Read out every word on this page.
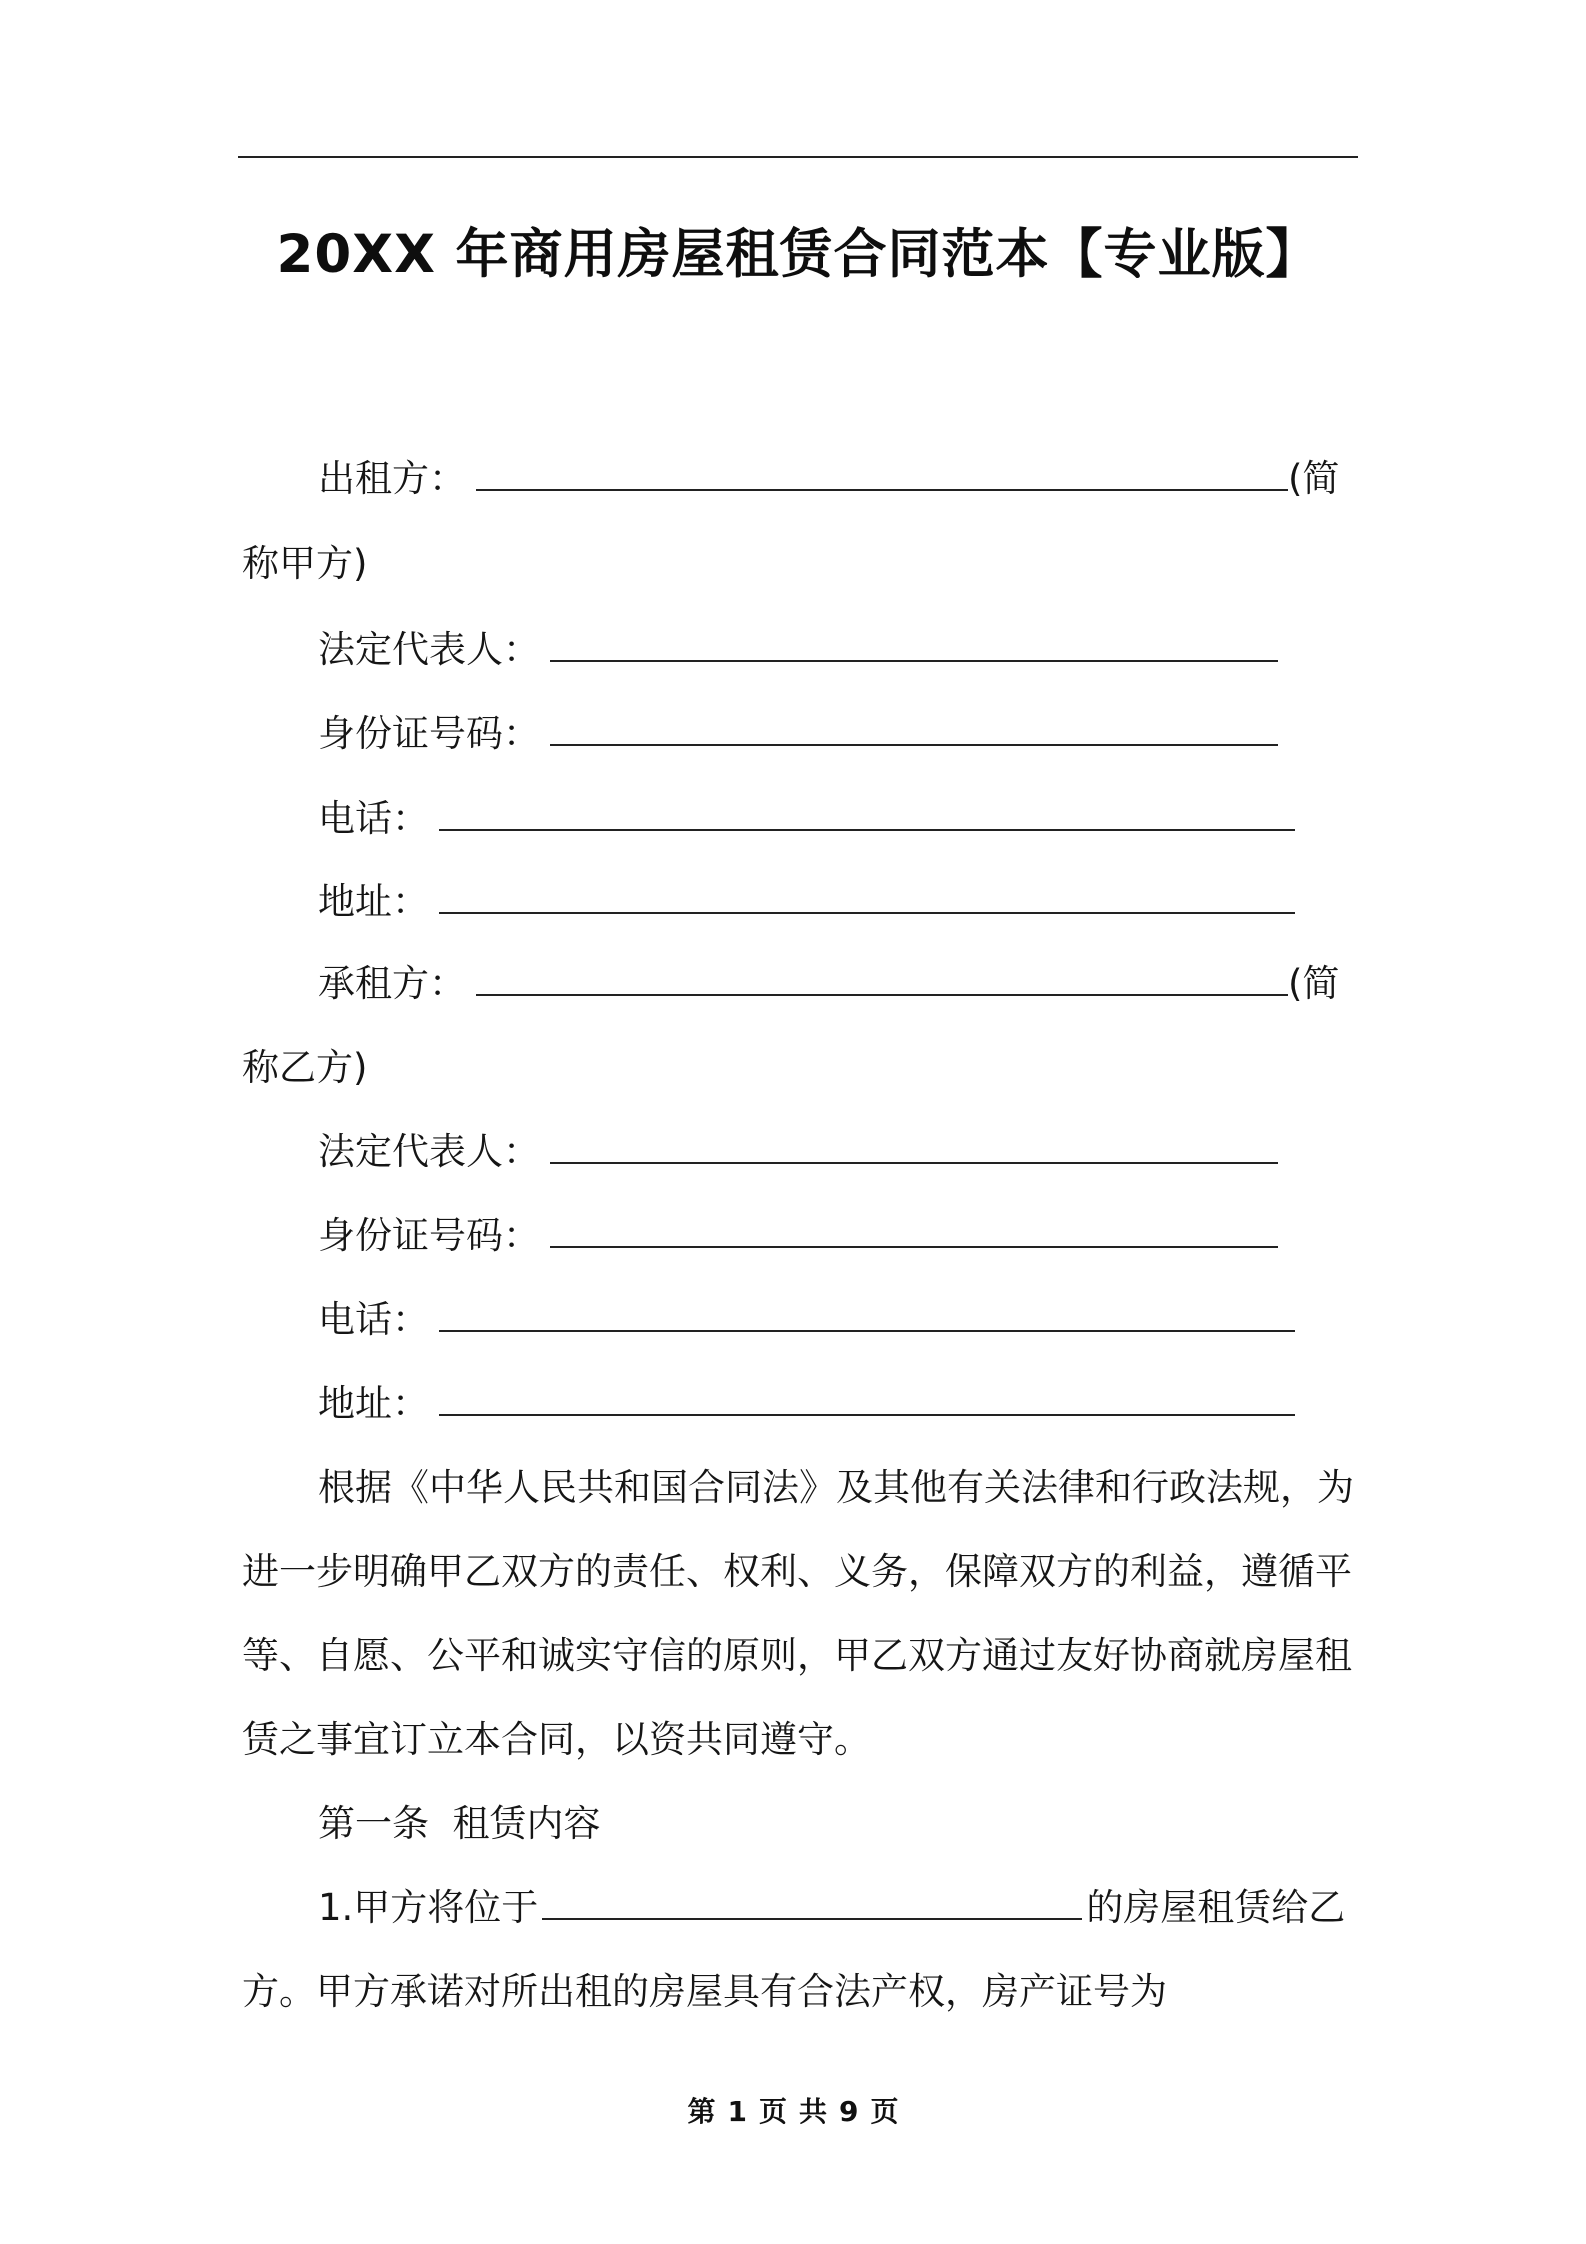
20XX 年商用房屋租赁合同范本【专业版】
出租方：	(简
称甲方)
法定代表人：
身份证号码：
电话：
地址：
承租方：	(简
称乙方)
法定代表人：
身份证号码：
电话：
地址：
根据《中华人民共和国合同法》及其他有关法律和行政法规，为
进一步明确甲乙双方的责任、权利、义务，保障双方的利益，遵循平
等、自愿、公平和诚实守信的原则，甲乙双方通过友好协商就房屋租
赁之事宜订立本合同，以资共同遵守。
第一条  租赁内容
1.甲方将位于	的房屋租赁给乙
方。甲方承诺对所出租的房屋具有合法产权，房产证号为
第 1 页 共 9 页
